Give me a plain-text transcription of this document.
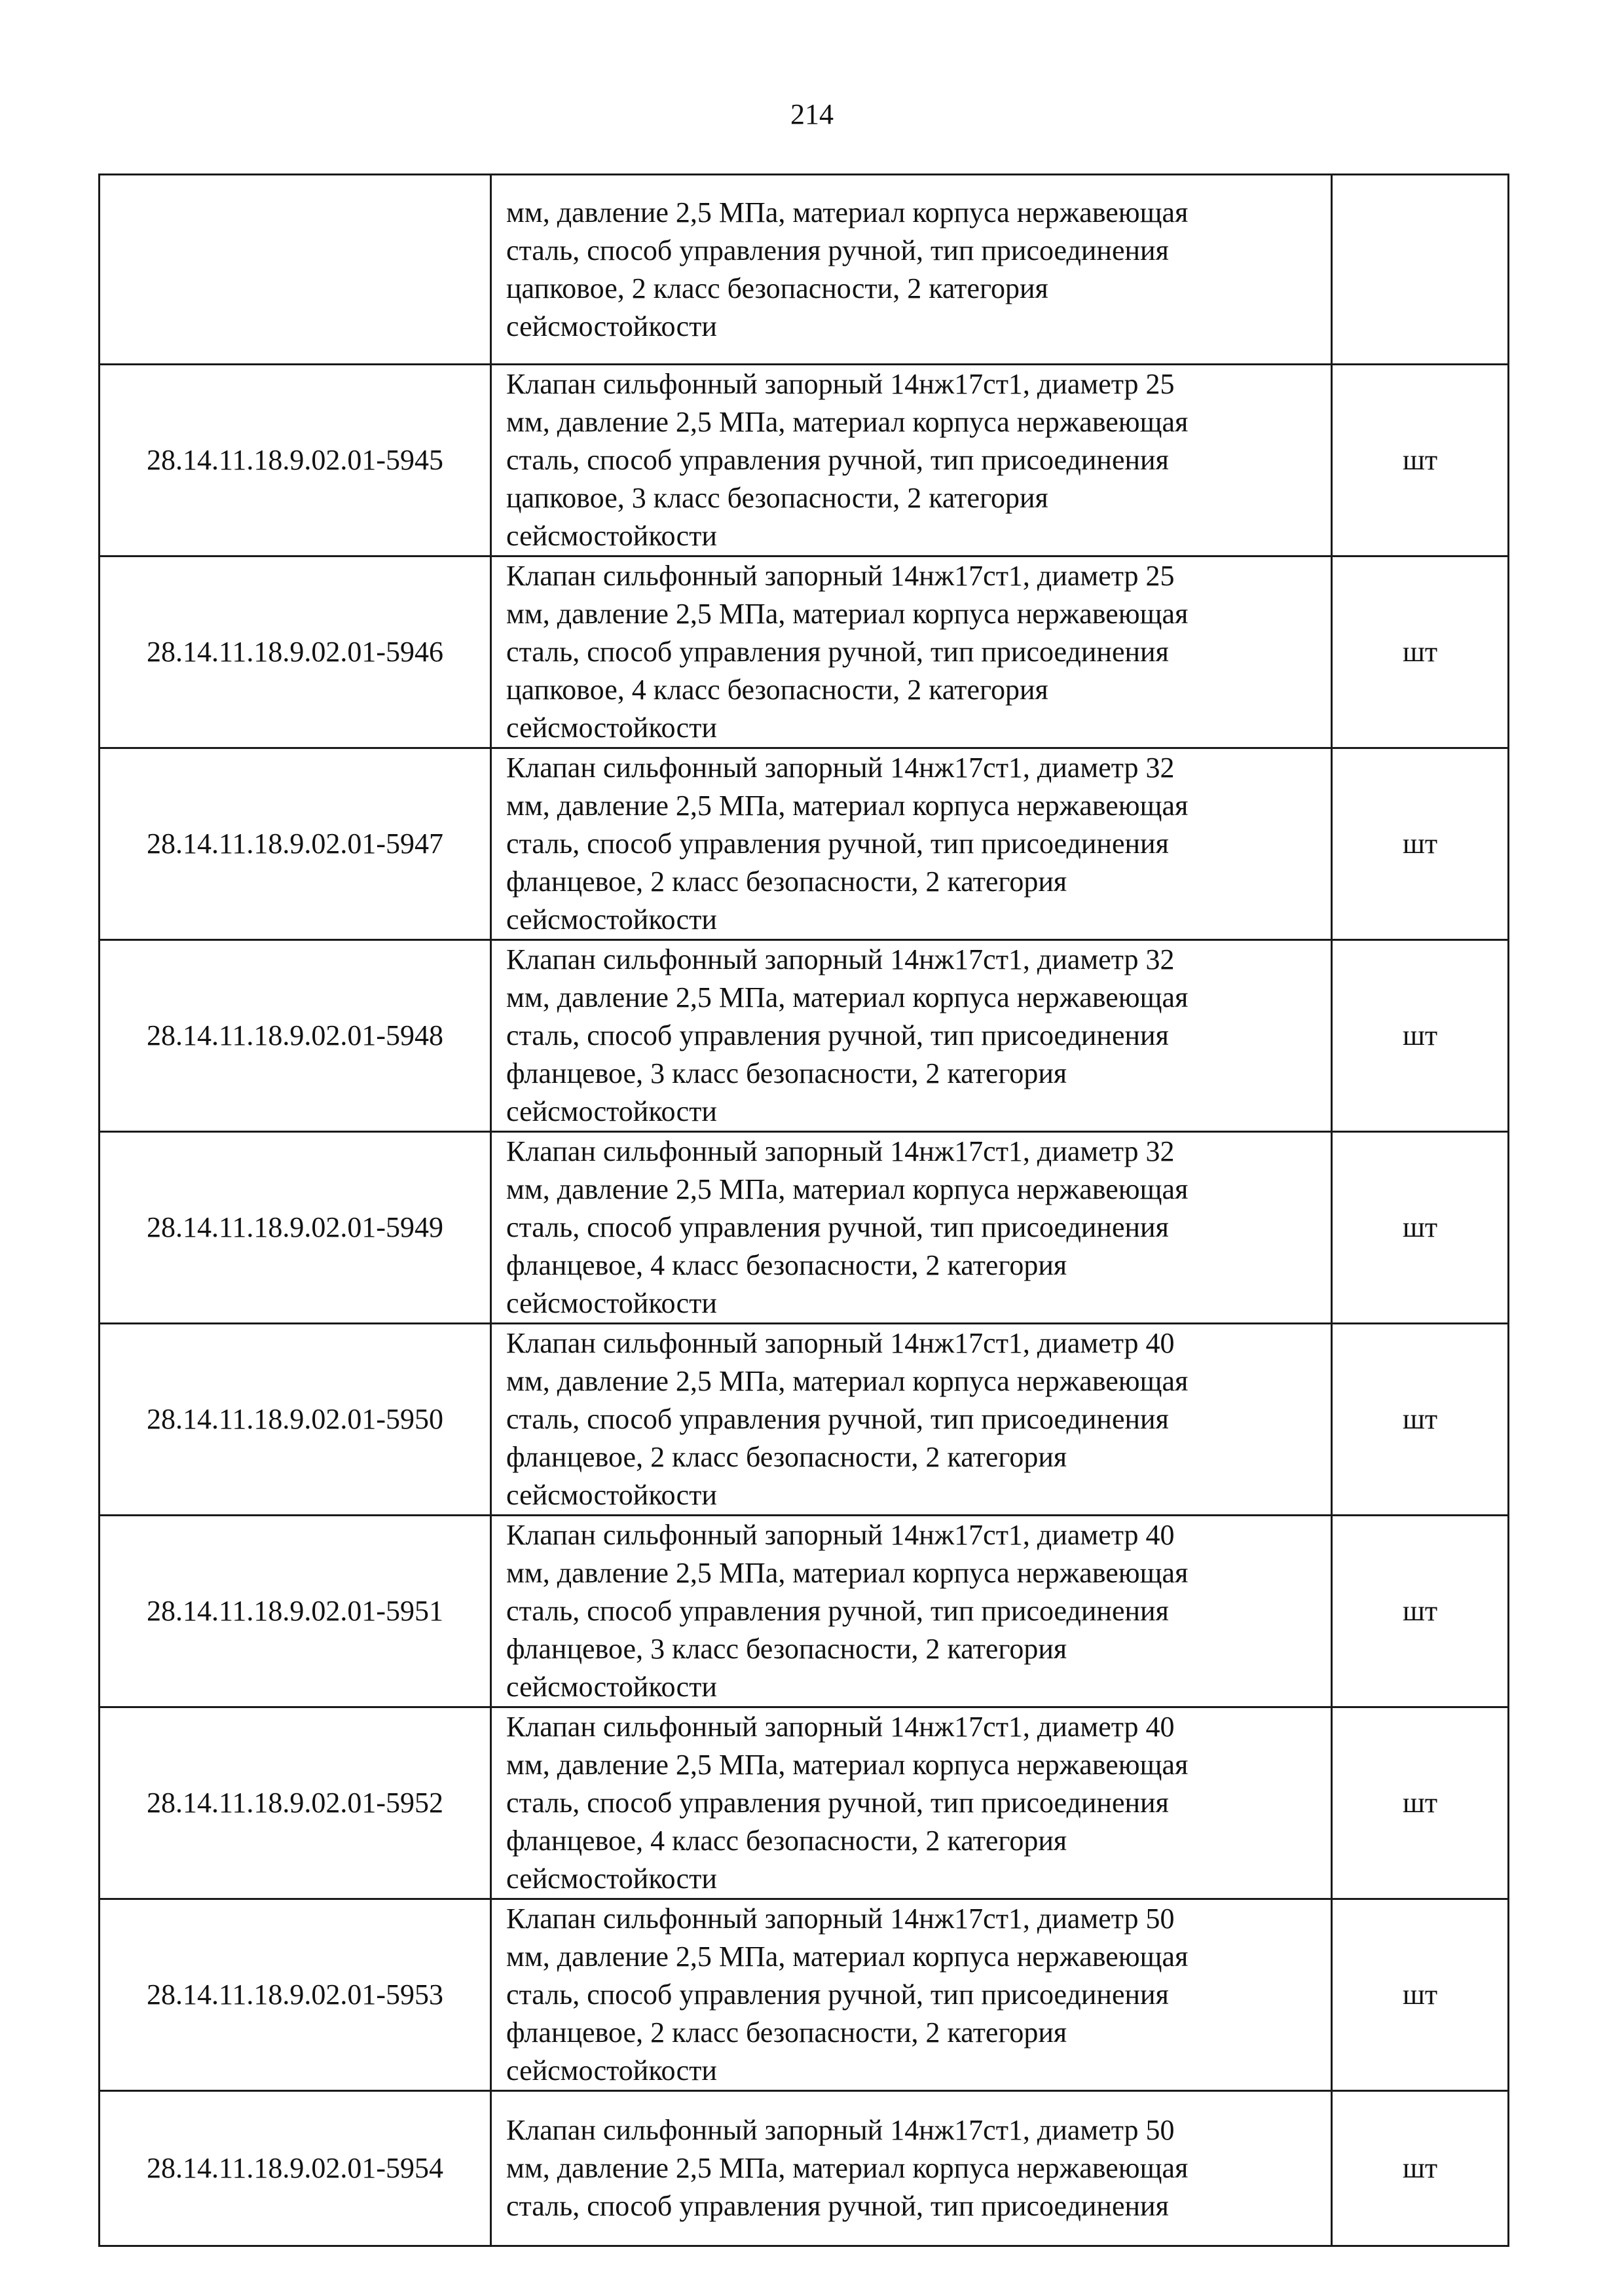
214

	мм, давление 2,5 МПа, материал корпуса нержавеющая
сталь, способ управления ручной, тип присоединения
цапковое, 2 класс безопасности, 2 категория
сейсмостойкости	

28.14.11.18.9.02.01-5945	Клапан сильфонный запорный 14нж17ст1, диаметр 25
мм, давление 2,5 МПа, материал корпуса нержавеющая
сталь, способ управления ручной, тип присоединения
цапковое, 3 класс безопасности, 2 категория
сейсмостойкости	шт
28.14.11.18.9.02.01-5946	Клапан сильфонный запорный 14нж17ст1, диаметр 25
мм, давление 2,5 МПа, материал корпуса нержавеющая
сталь, способ управления ручной, тип присоединения
цапковое, 4 класс безопасности, 2 категория
сейсмостойкости	шт
28.14.11.18.9.02.01-5947	Клапан сильфонный запорный 14нж17ст1, диаметр 32
мм, давление 2,5 МПа, материал корпуса нержавеющая
сталь, способ управления ручной, тип присоединения
фланцевое, 2 класс безопасности, 2 категория
сейсмостойкости	шт
28.14.11.18.9.02.01-5948	Клапан сильфонный запорный 14нж17ст1, диаметр 32
мм, давление 2,5 МПа, материал корпуса нержавеющая
сталь, способ управления ручной, тип присоединения
фланцевое, 3 класс безопасности, 2 категория
сейсмостойкости	шт
28.14.11.18.9.02.01-5949	Клапан сильфонный запорный 14нж17ст1, диаметр 32
мм, давление 2,5 МПа, материал корпуса нержавеющая
сталь, способ управления ручной, тип присоединения
фланцевое, 4 класс безопасности, 2 категория
сейсмостойкости	шт
28.14.11.18.9.02.01-5950	Клапан сильфонный запорный 14нж17ст1, диаметр 40
мм, давление 2,5 МПа, материал корпуса нержавеющая
сталь, способ управления ручной, тип присоединения
фланцевое, 2 класс безопасности, 2 категория
сейсмостойкости	шт
28.14.11.18.9.02.01-5951	Клапан сильфонный запорный 14нж17ст1, диаметр 40
мм, давление 2,5 МПа, материал корпуса нержавеющая
сталь, способ управления ручной, тип присоединения
фланцевое, 3 класс безопасности, 2 категория
сейсмостойкости	шт
28.14.11.18.9.02.01-5952	Клапан сильфонный запорный 14нж17ст1, диаметр 40
мм, давление 2,5 МПа, материал корпуса нержавеющая
сталь, способ управления ручной, тип присоединения
фланцевое, 4 класс безопасности, 2 категория
сейсмостойкости	шт
28.14.11.18.9.02.01-5953	Клапан сильфонный запорный 14нж17ст1, диаметр 50
мм, давление 2,5 МПа, материал корпуса нержавеющая
сталь, способ управления ручной, тип присоединения
фланцевое, 2 класс безопасности, 2 категория
сейсмостойкости	шт
28.14.11.18.9.02.01-5954	Клапан сильфонный запорный 14нж17ст1, диаметр 50
мм, давление 2,5 МПа, материал корпуса нержавеющая
сталь, способ управления ручной, тип присоединения	шт
